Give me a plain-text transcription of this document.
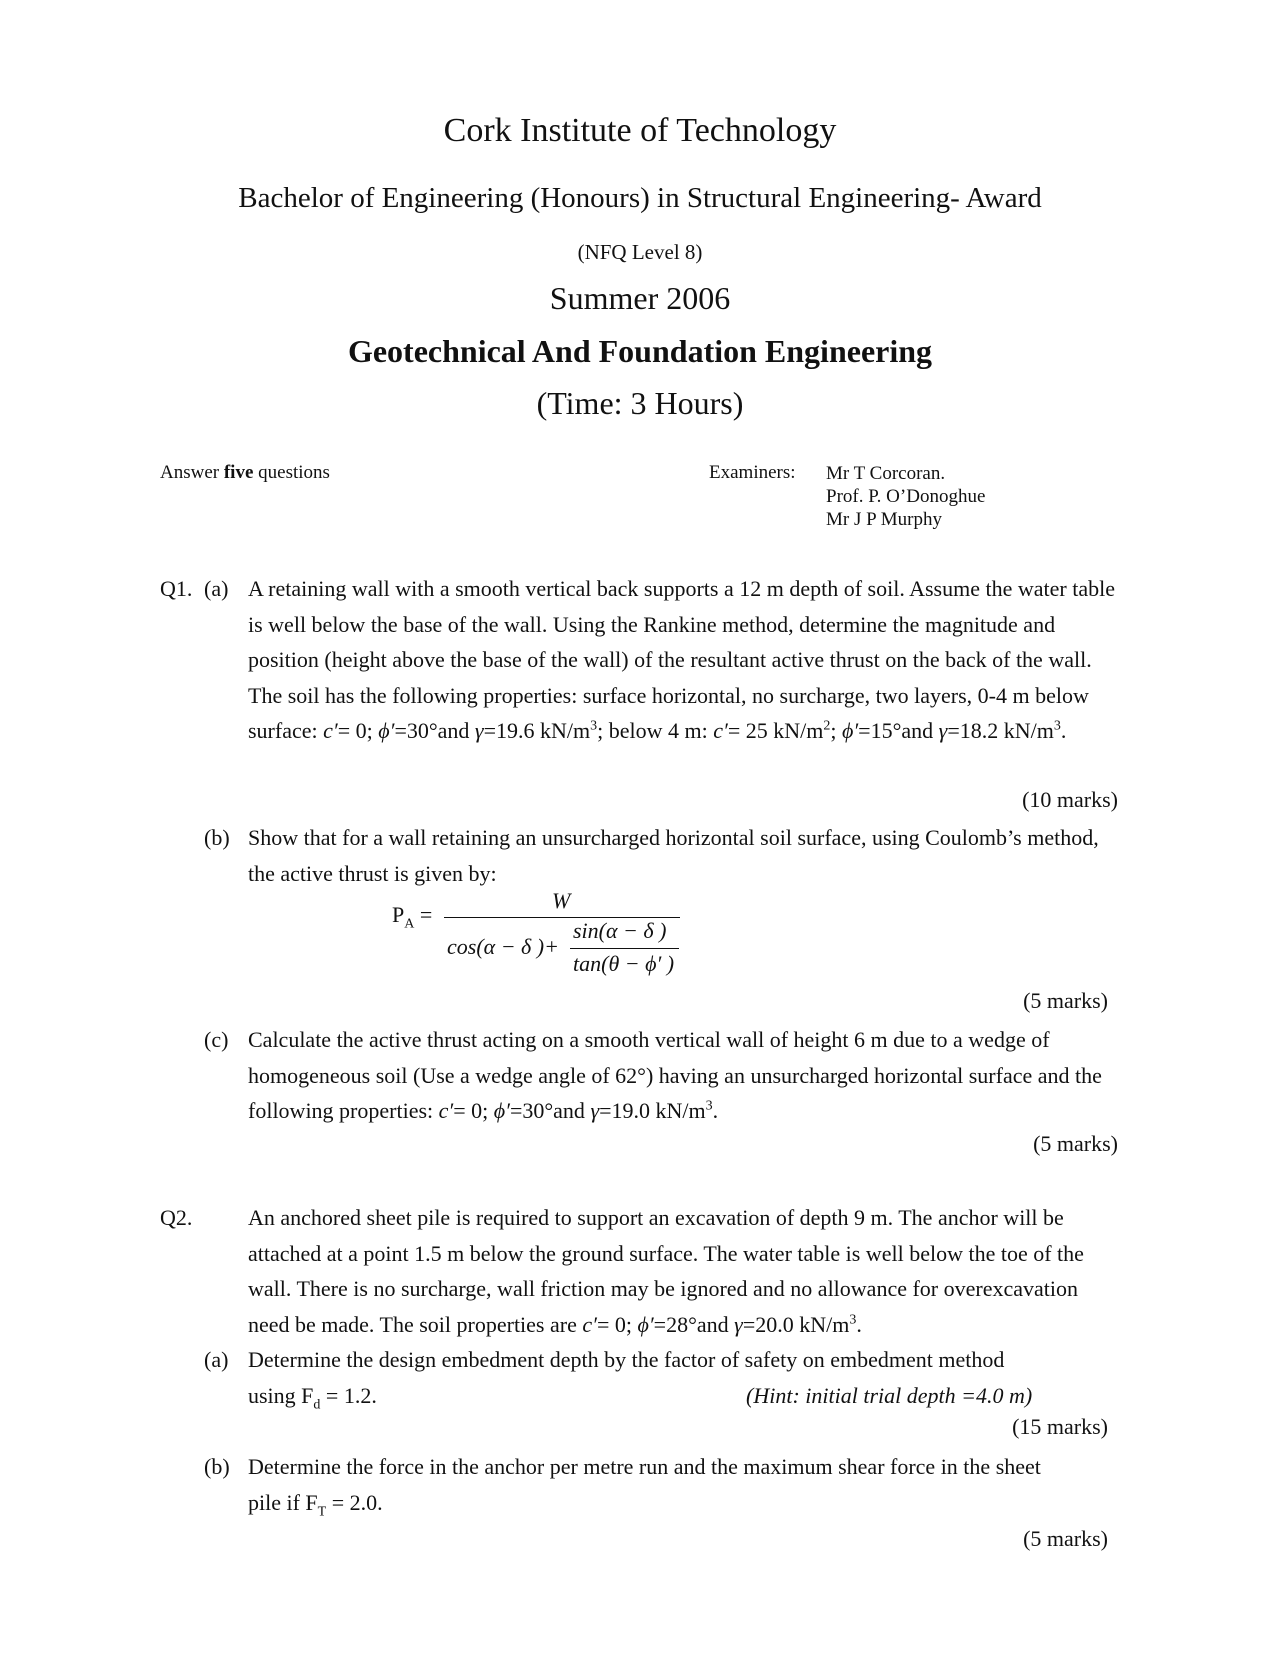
Cork Institute of Technology
Bachelor of Engineering (Honours) in Structural Engineering- Award
(NFQ Level 8)
Summer 2006
Geotechnical And Foundation Engineering
(Time: 3 Hours)
Answer five questions	Examiners: Mr T Corcoran.
Prof. P. O’Donoghue
Mr J P Murphy
Q1. (a) A retaining wall with a smooth vertical back supports a 12 m depth of soil. Assume the water table is well below the base of the wall. Using the Rankine method, determine the magnitude and position (height above the base of the wall) of the resultant active thrust on the back of the wall. The soil has the following properties: surface horizontal, no surcharge, two layers, 0-4 m below surface: c′= 0; ϕ′=30°and γ=19.6 $kN/m^3$; below 4 m: c′= 25 $kN/m^2$; ϕ′=15°and γ=18.2 $kN/m^3$.
(10 marks)
(b) Show that for a wall retaining an unsurcharged horizontal soil surface, using Coulomb’s method, the active thrust is given by:
$P_A$ =
W
cos(α − δ )+
sin(α − δ )
tan(θ − ϕ′ )
(5 marks)
(c) Calculate the active thrust acting on a smooth vertical wall of height 6 m due to a wedge of homogeneous soil (Use a wedge angle of 62°) having an unsurcharged horizontal surface and the following properties: c′= 0; ϕ′=30°and γ=19.0 $kN/m^3$.
(5 marks)
Q2.	An anchored sheet pile is required to support an excavation of depth 9 m. The anchor will be attached at a point 1.5 m below the ground surface. The water table is well below the toe of the wall. There is no surcharge, wall friction may be ignored and no allowance for overexcavation need be made. The soil properties are c′= 0; ϕ′=28°and γ=20.0 $kN/m^3$.
(a) Determine the design embedment depth by the factor of safety on embedment method
using $F_d = 1.2$.	(Hint: initial trial depth =4.0 m)
(15 marks)
(b) Determine the force in the anchor per metre run and the maximum shear force in the sheet
pile if $F_T = 2.0$.
(5 marks)
